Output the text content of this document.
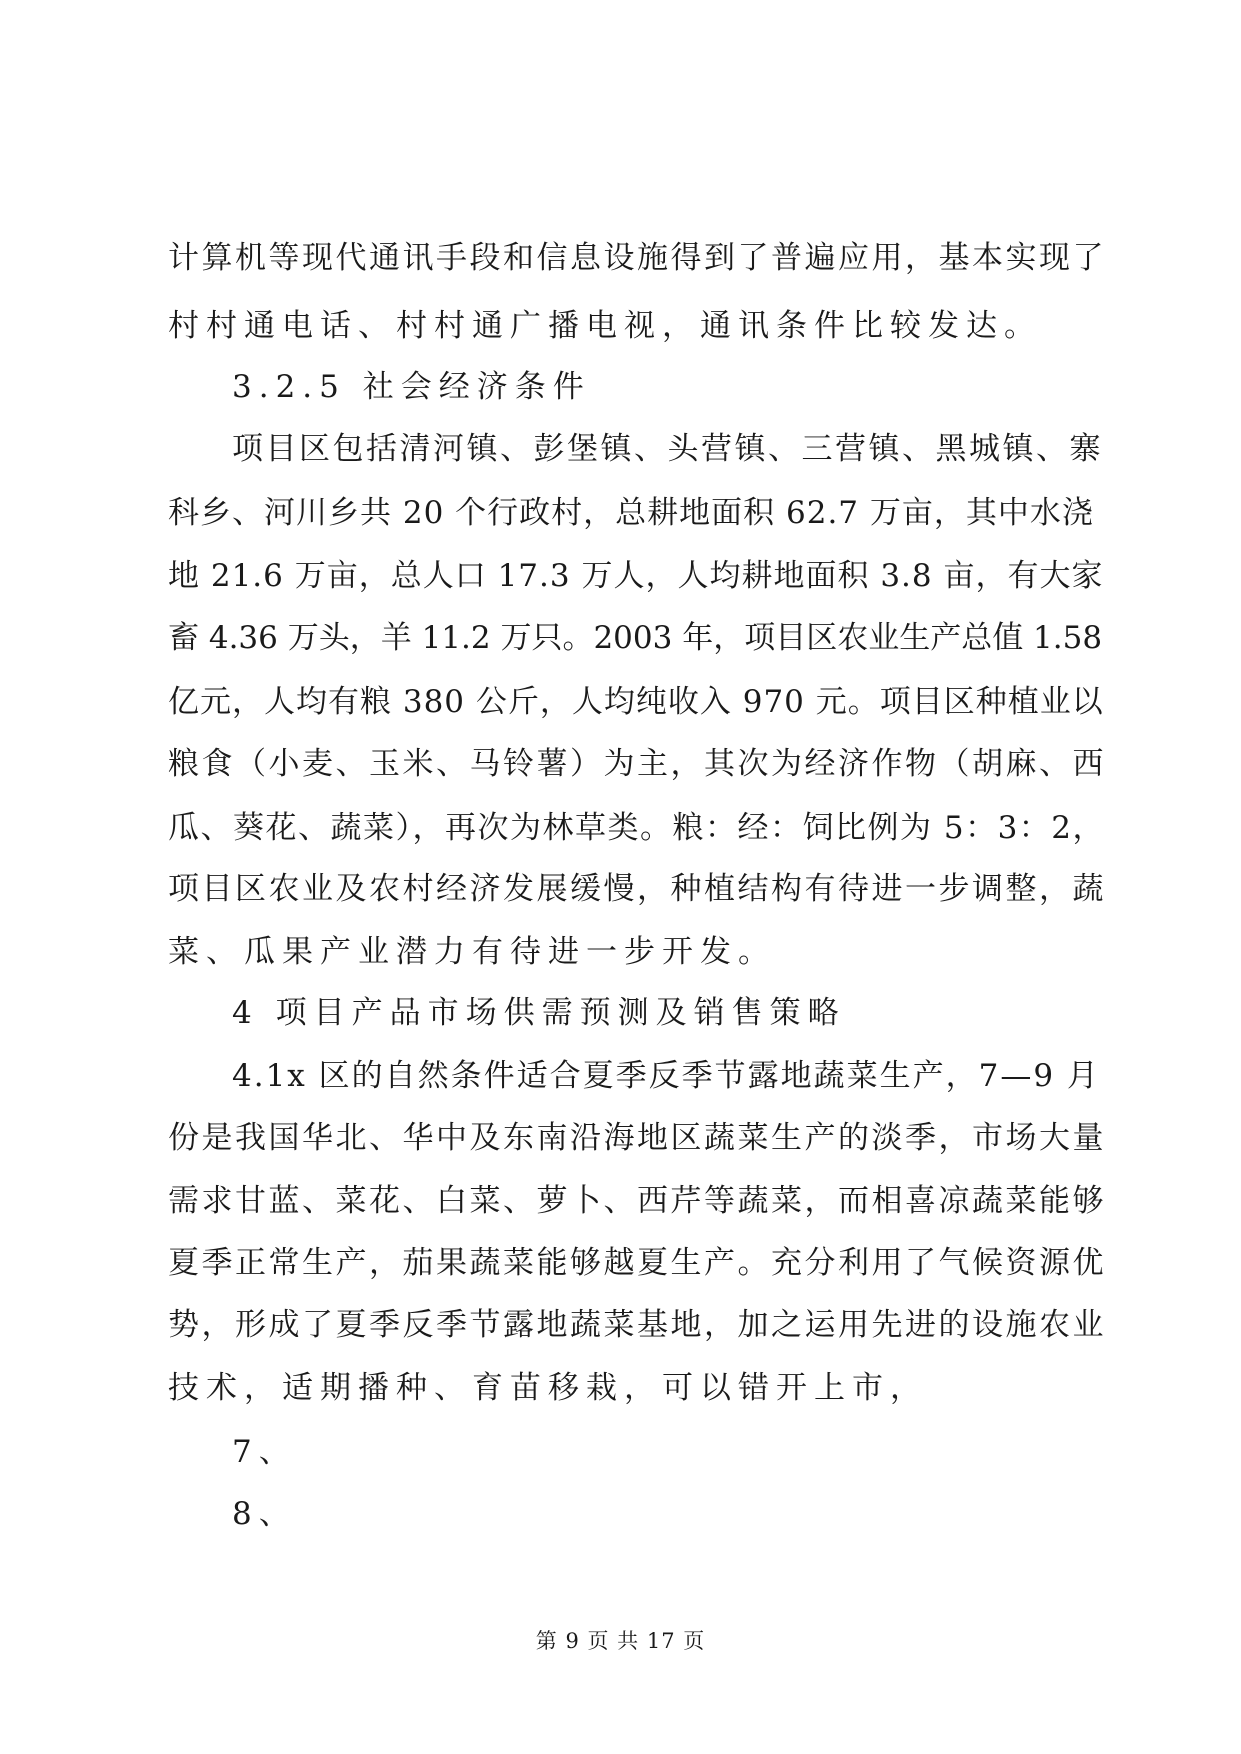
计算机等现代通讯手段和信息设施得到了普遍应用，基本实现了
村村通电话、村村通广播电视，通讯条件比较发达。
3.2.5 社会经济条件
项目区包括清河镇、彭堡镇、头营镇、三营镇、黑城镇、寨
科乡、河川乡共 20 个行政村，总耕地面积 62.7 万亩，其中水浇
地 21.6 万亩，总人口 17.3 万人，人均耕地面积 3.8 亩，有大家
畜 4.36 万头，羊 11.2 万只。2003 年，项目区农业生产总值 1.58
亿元，人均有粮 380 公斤，人均纯收入 970 元。项目区种植业以
粮食（小麦、玉米、马铃薯）为主，其次为经济作物（胡麻、西
瓜、葵花、蔬菜），再次为林草类。粮：经：饲比例为 5：3：2，
项目区农业及农村经济发展缓慢，种植结构有待进一步调整，蔬
菜、瓜果产业潜力有待进一步开发。
4 项目产品市场供需预测及销售策略
4.1x 区的自然条件适合夏季反季节露地蔬菜生产，7—9 月
份是我国华北、华中及东南沿海地区蔬菜生产的淡季，市场大量
需求甘蓝、菜花、白菜、萝卜、西芹等蔬菜，而相喜凉蔬菜能够
夏季正常生产，茄果蔬菜能够越夏生产。充分利用了气候资源优
势，形成了夏季反季节露地蔬菜基地，加之运用先进的设施农业
技术，适期播种、育苗移栽，可以错开上市，
7、
8、
第 9 页 共 17 页
